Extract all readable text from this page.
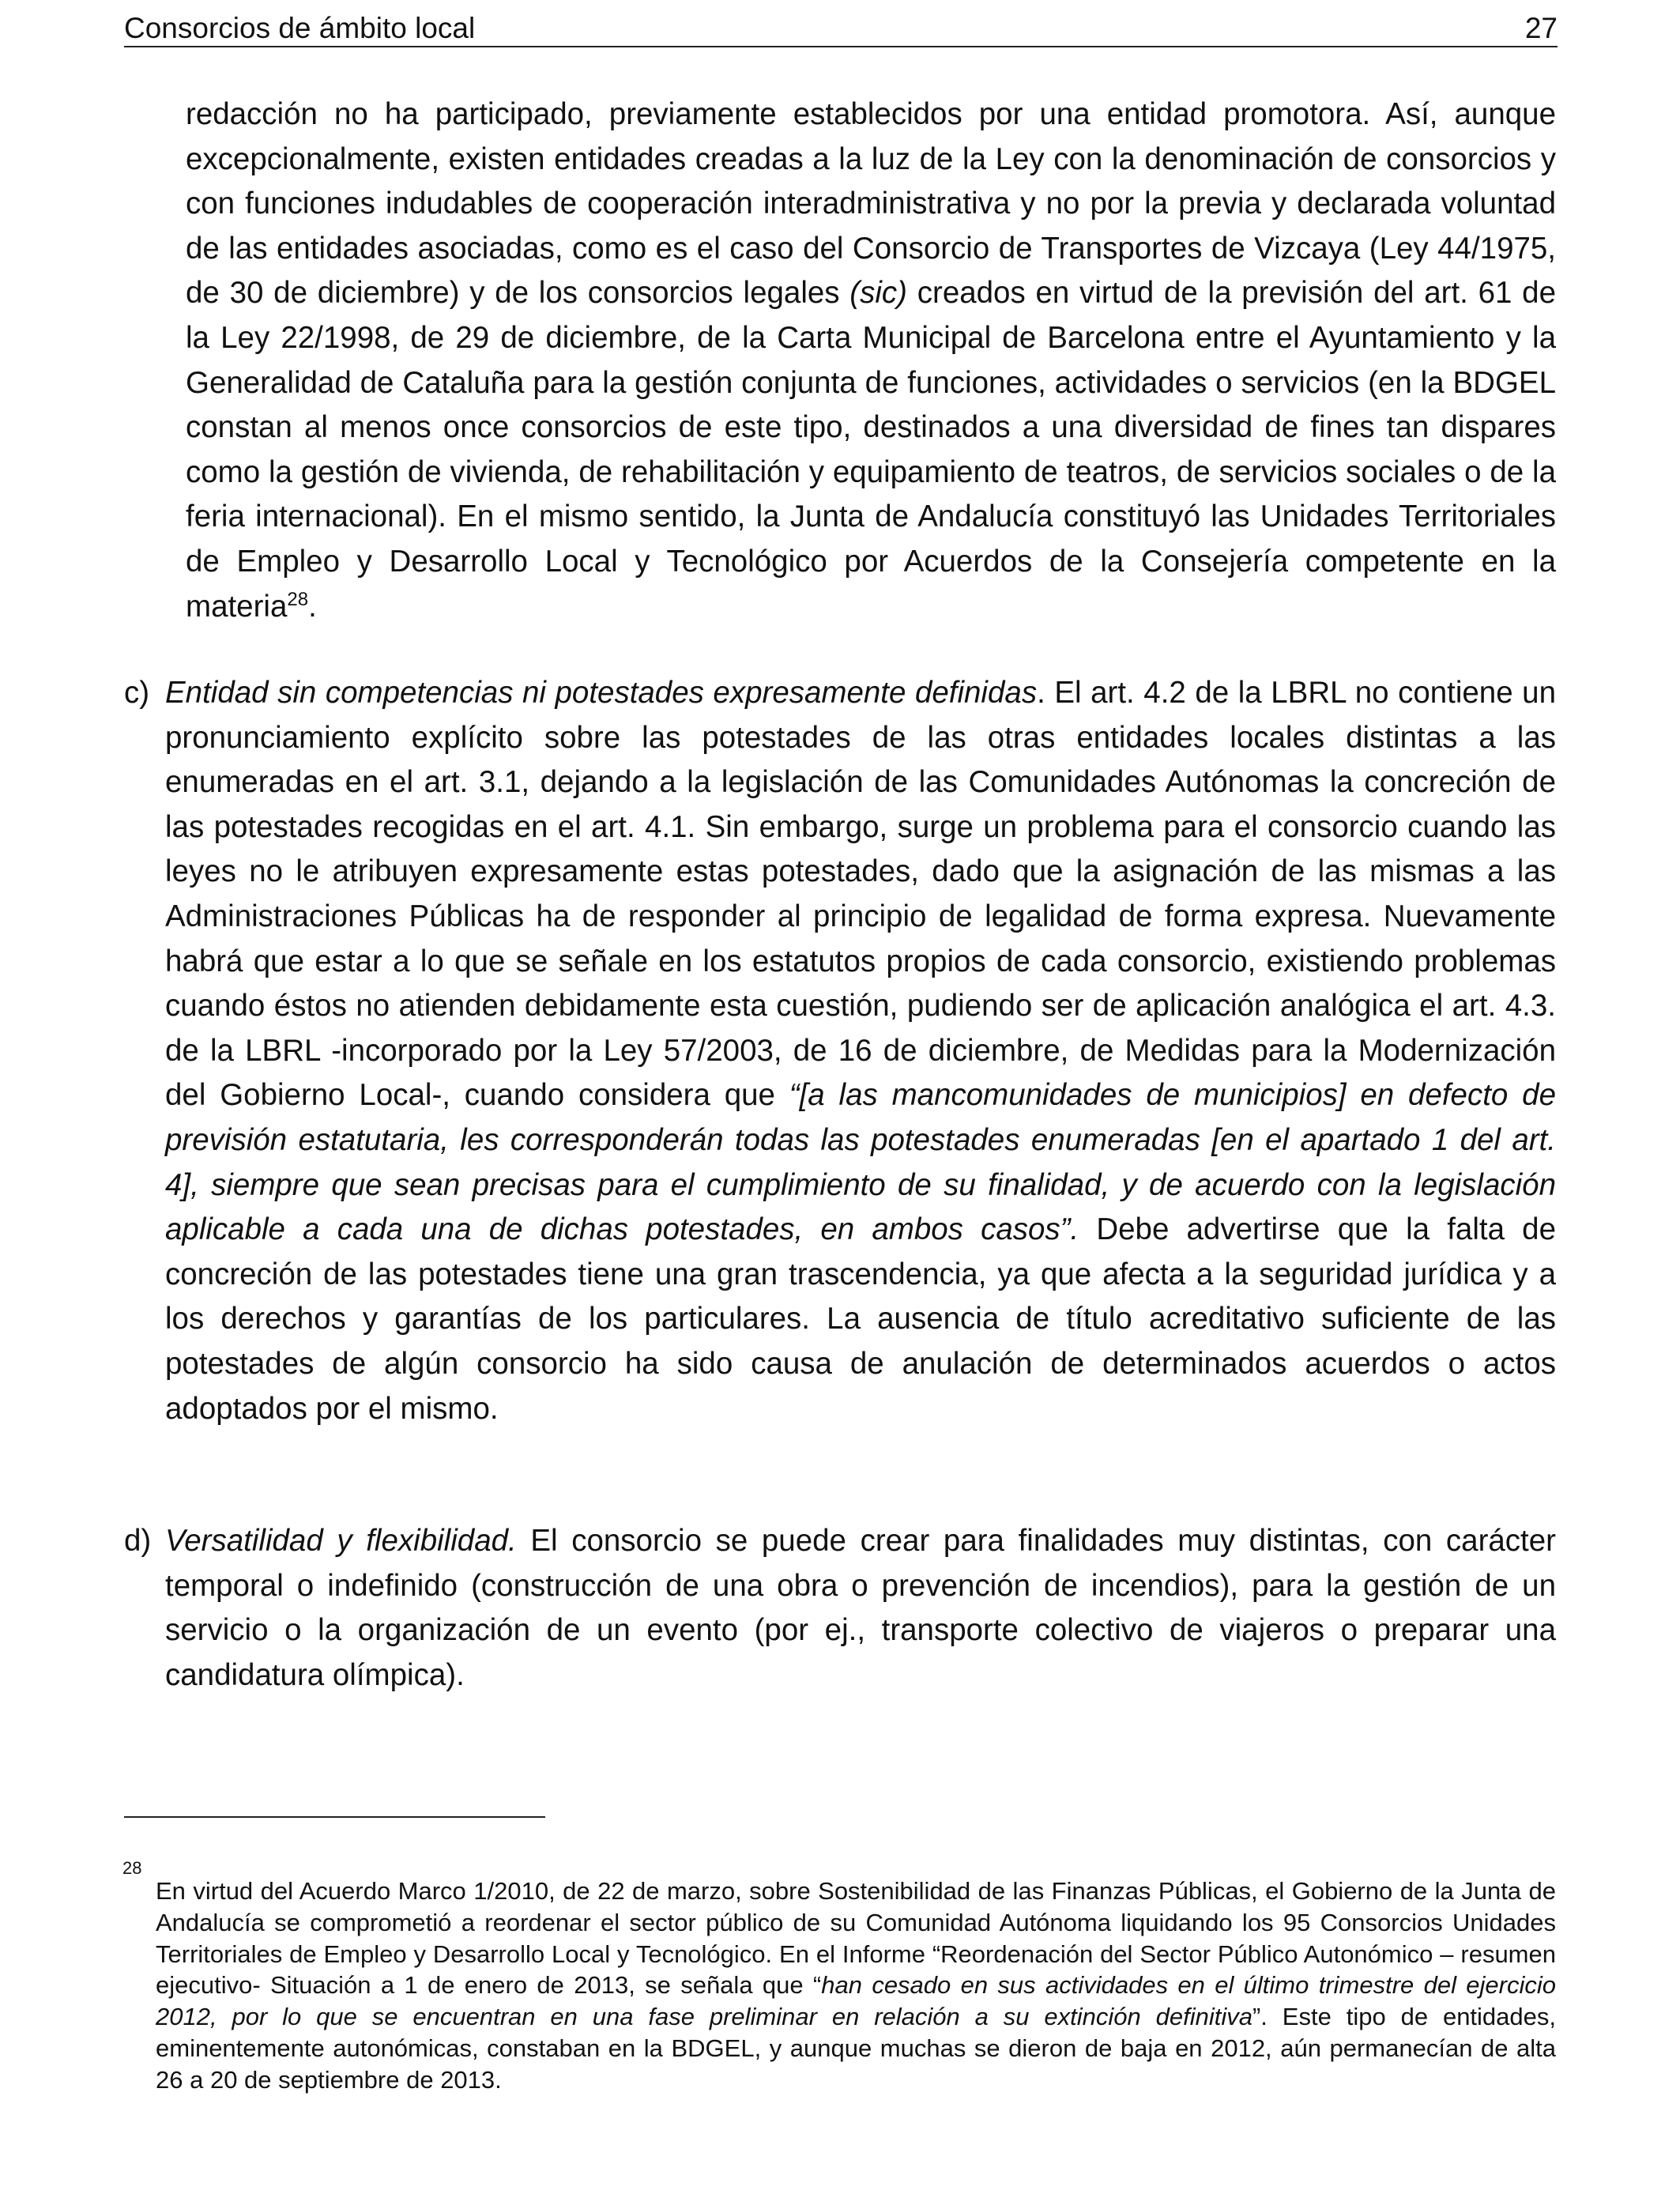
Consorcios de ámbito local	27

redacción no ha participado, previamente establecidos por una entidad promotora. Así, aunque excepcionalmente, existen entidades creadas a la luz de la Ley con la denominación de consorcios y con funciones indudables de cooperación interadministrativa y no por la previa y declarada voluntad de las entidades asociadas, como es el caso del Consorcio de Transportes de Vizcaya (Ley 44/1975, de 30 de diciembre) y de los consorcios legales (sic) creados en virtud de la previsión del art. 61 de la Ley 22/1998, de 29 de diciembre, de la Carta Municipal de Barcelona entre el Ayuntamiento y la Generalidad de Cataluña para la gestión conjunta de funciones, actividades o servicios (en la BDGEL constan al menos once consorcios de este tipo, destinados a una diversidad de fines tan dispares como la gestión de vivienda, de rehabilitación y equipamiento de teatros, de servicios sociales o de la feria internacional). En el mismo sentido, la Junta de Andalucía constituyó las Unidades Territoriales de Empleo y Desarrollo Local y Tecnológico por Acuerdos de la Consejería competente en la materia$^{28}$.

c) Entidad sin competencias ni potestades expresamente definidas. El art. 4.2 de la LBRL no contiene un pronunciamiento explícito sobre las potestades de las otras entidades locales distintas a las enumeradas en el art. 3.1, dejando a la legislación de las Comunidades Autónomas la concreción de las potestades recogidas en el art. 4.1. Sin embargo, surge un problema para el consorcio cuando las leyes no le atribuyen expresamente estas potestades, dado que la asignación de las mismas a las Administraciones Públicas ha de responder al principio de legalidad de forma expresa. Nuevamente habrá que estar a lo que se señale en los estatutos propios de cada consorcio, existiendo problemas cuando éstos no atienden debidamente esta cuestión, pudiendo ser de aplicación analógica el art. 4.3. de la LBRL -incorporado por la Ley 57/2003, de 16 de diciembre, de Medidas para la Modernización del Gobierno Local-, cuando considera que “[a las mancomunidades de municipios] en defecto de previsión estatutaria, les corresponderán todas las potestades enumeradas [en el apartado 1 del art. 4], siempre que sean precisas para el cumplimiento de su finalidad, y de acuerdo con la legislación aplicable a cada una de dichas potestades, en ambos casos”. Debe advertirse que la falta de concreción de las potestades tiene una gran trascendencia, ya que afecta a la seguridad jurídica y a los derechos y garantías de los particulares. La ausencia de título acreditativo suficiente de las potestades de algún consorcio ha sido causa de anulación de determinados acuerdos o actos adoptados por el mismo.

d) Versatilidad y flexibilidad. El consorcio se puede crear para finalidades muy distintas, con carácter temporal o indefinido (construcción de una obra o prevención de incendios), para la gestión de un servicio o la organización de un evento (por ej., transporte colectivo de viajeros o preparar una candidatura olímpica).

28

En virtud del Acuerdo Marco 1/2010, de 22 de marzo, sobre Sostenibilidad de las Finanzas Públicas, el Gobierno de la Junta de Andalucía se comprometió a reordenar el sector público de su Comunidad Autónoma liquidando los 95 Consorcios Unidades Territoriales de Empleo y Desarrollo Local y Tecnológico. En el Informe “Reordenación del Sector Público Autonómico – resumen ejecutivo- Situación a 1 de enero de 2013, se señala que “han cesado en sus actividades en el último trimestre del ejercicio 2012, por lo que se encuentran en una fase preliminar en relación a su extinción definitiva”. Este tipo de entidades, eminentemente autonómicas, constaban en la BDGEL, y aunque muchas se dieron de baja en 2012, aún permanecían de alta 26 a 20 de septiembre de 2013.
